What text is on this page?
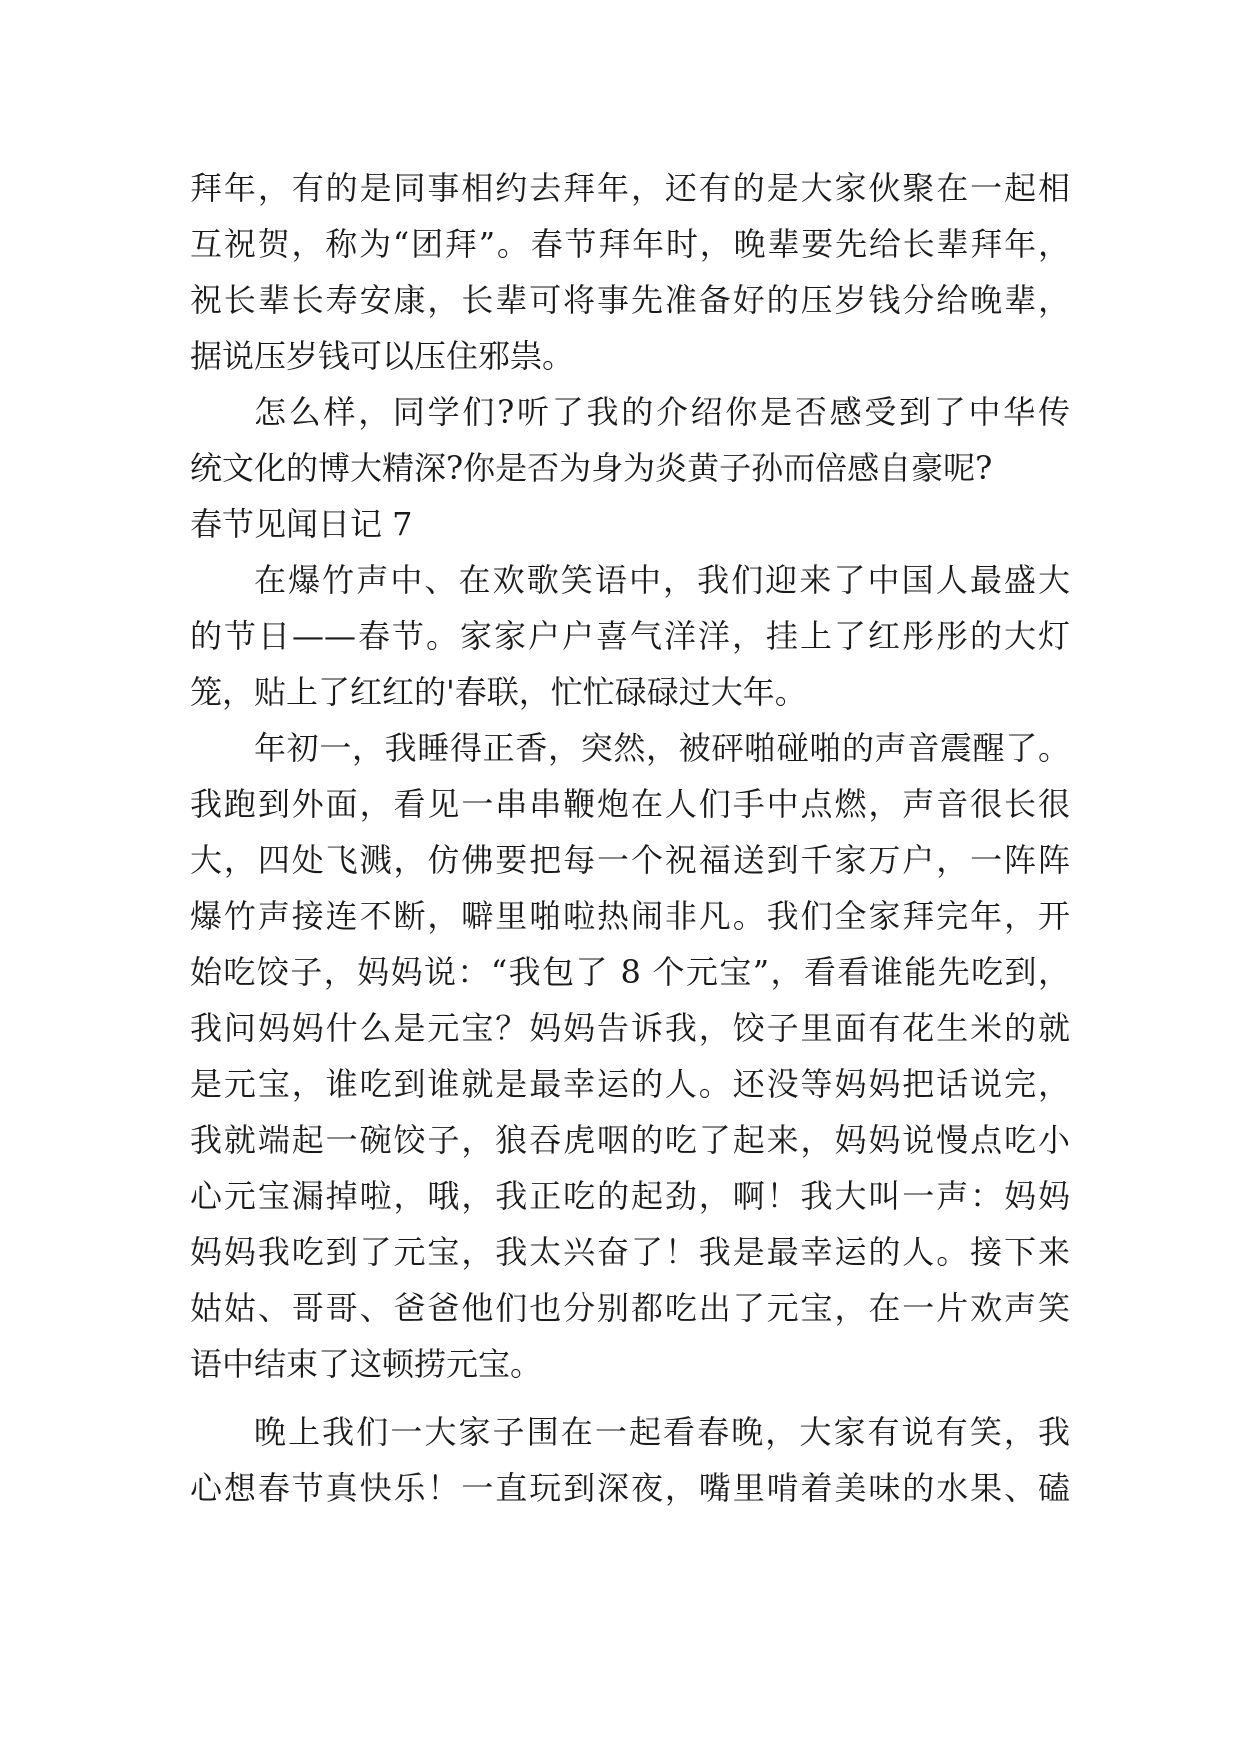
拜年，有的是同事相约去拜年，还有的是大家伙聚在一起相
互祝贺，称为“团拜”。春节拜年时，晚辈要先给长辈拜年，
祝长辈长寿安康，长辈可将事先准备好的压岁钱分给晚辈，
据说压岁钱可以压住邪祟。
怎么样，同学们?听了我的介绍你是否感受到了中华传
统文化的博大精深?你是否为身为炎黄子孙而倍感自豪呢?
春节见闻日记 7
在爆竹声中、在欢歌笑语中，我们迎来了中国人最盛大
的节日——春节。家家户户喜气洋洋，挂上了红彤彤的大灯
笼，贴上了红红的'春联，忙忙碌碌过大年。
年初一，我睡得正香，突然，被砰啪碰啪的声音震醒了。
我跑到外面，看见一串串鞭炮在人们手中点燃，声音很长很
大，四处飞溅，仿佛要把每一个祝福送到千家万户，一阵阵
爆竹声接连不断，噼里啪啦热闹非凡。我们全家拜完年，开
始吃饺子，妈妈说：“我包了 8 个元宝”，看看谁能先吃到，
我问妈妈什么是元宝？妈妈告诉我，饺子里面有花生米的就
是元宝，谁吃到谁就是最幸运的人。还没等妈妈把话说完，
我就端起一碗饺子，狼吞虎咽的吃了起来，妈妈说慢点吃小
心元宝漏掉啦，哦，我正吃的起劲，啊！我大叫一声：妈妈
妈妈我吃到了元宝，我太兴奋了！我是最幸运的人。接下来
姑姑、哥哥、爸爸他们也分别都吃出了元宝，在一片欢声笑
语中结束了这顿捞元宝。
晚上我们一大家子围在一起看春晚，大家有说有笑，我
心想春节真快乐！一直玩到深夜，嘴里啃着美味的水果、磕
